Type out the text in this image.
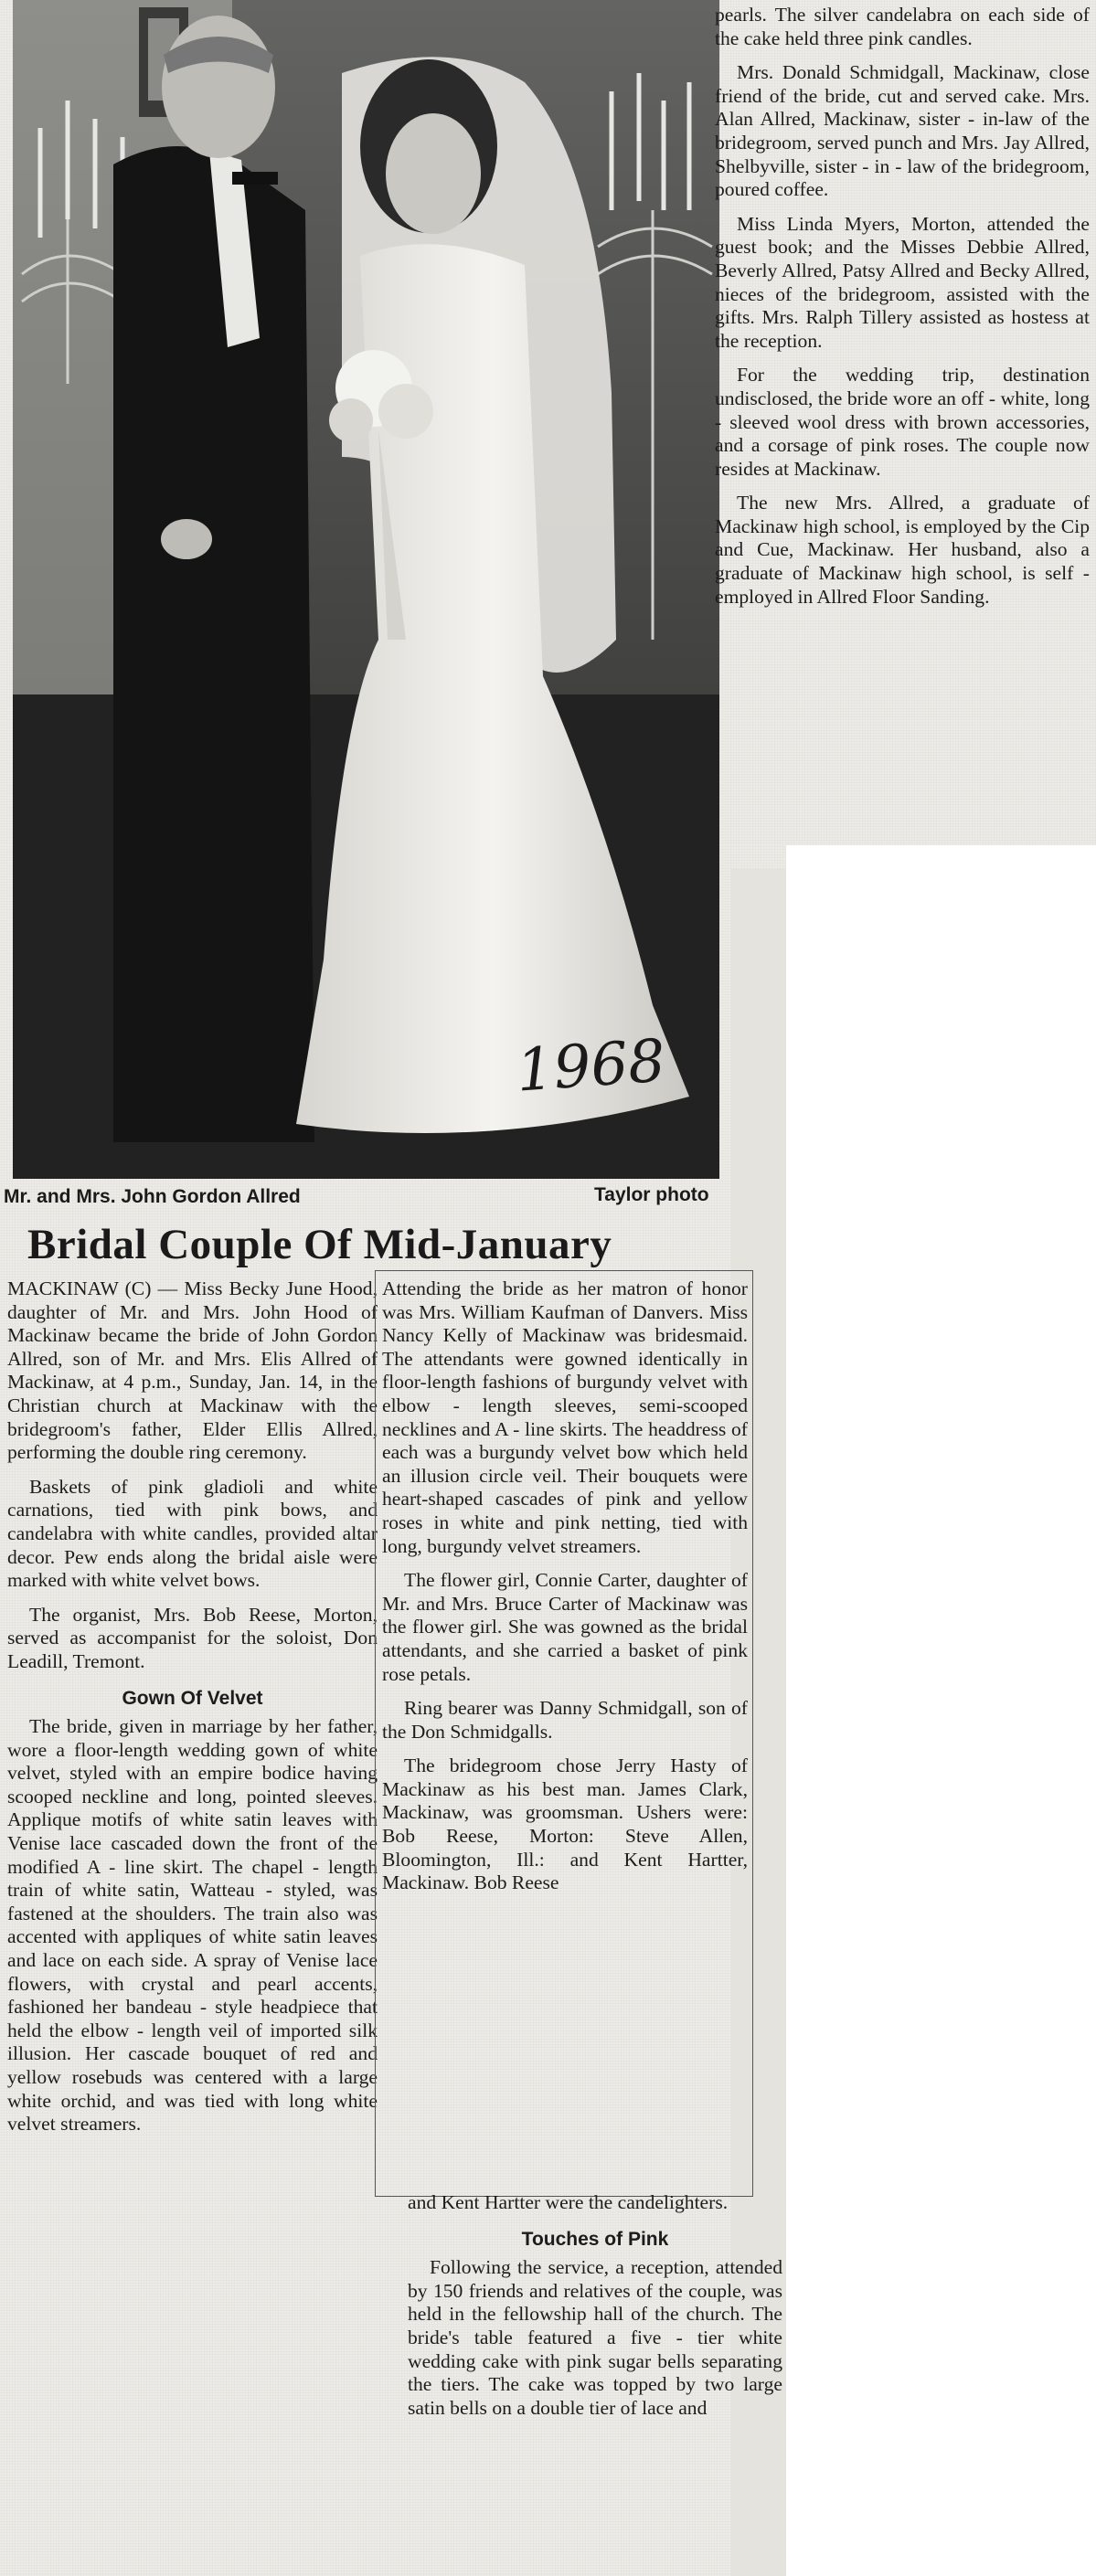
1968
Mr. and Mrs. John Gordon Allred	Taylor photo
Bridal Couple Of Mid-January

MACKINAW (C) — Miss Becky June Hood, daughter of Mr. and Mrs. John Hood of Mackinaw became the bride of John Gordon Allred, son of Mr. and Mrs. Elis Allred of Mackinaw, at 4 p.m., Sunday, Jan. 14, in the Christian church at Mackinaw with the bridegroom's father, Elder Ellis Allred, performing the double ring ceremony.

Baskets of pink gladioli and white carnations, tied with pink bows, and candelabra with white candles, provided altar decor. Pew ends along the bridal aisle were marked with white velvet bows.

The organist, Mrs. Bob Reese, Morton, served as accompanist for the soloist, Don Leadill, Tremont.

Gown Of Velvet

The bride, given in marriage by her father, wore a floor-length wedding gown of white velvet, styled with an empire bodice having scooped neckline and long, pointed sleeves. Applique motifs of white satin leaves with Venise lace cascaded down the front of the modified A - line skirt. The chapel - length train of white satin, Watteau - styled, was fastened at the shoulders. The train also was accented with appliques of white satin leaves and lace on each side. A spray of Venise lace flowers, with crystal and pearl accents, fashioned her bandeau - style headpiece that held the elbow - length veil of imported silk illusion. Her cascade bouquet of red and yellow rosebuds was centered with a large white orchid, and was tied with long white velvet streamers.

Attending the bride as her matron of honor was Mrs. William Kaufman of Danvers. Miss Nancy Kelly of Mackinaw was bridesmaid. The attendants were gowned identically in floor-length fashions of burgundy velvet with elbow - length sleeves, semi-scooped necklines and A - line skirts. The headdress of each was a burgundy velvet bow which held an illusion circle veil. Their bouquets were heart-shaped cascades of pink and yellow roses in white and pink netting, tied with long, burgundy velvet streamers.

The flower girl, Connie Carter, daughter of Mr. and Mrs. Bruce Carter of Mackinaw was the flower girl. She was gowned as the bridal attendants, and she carried a basket of pink rose petals.

Ring bearer was Danny Schmidgall, son of the Don Schmidgalls.

The bridegroom chose Jerry Hasty of Mackinaw as his best man. James Clark, Mackinaw, was groomsman. Ushers were: Bob Reese, Morton: Steve Allen, Bloomington, Ill.: and Kent Hartter, Mackinaw. Bob Reese

and Kent Hartter were the candelighters.

Touches of Pink

Following the service, a reception, attended by 150 friends and relatives of the couple, was held in the fellowship hall of the church. The bride's table featured a five - tier white wedding cake with pink sugar bells separating the tiers. The cake was topped by two large satin bells on a double tier of lace and

pearls. The silver candelabra on each side of the cake held three pink candles.

Mrs. Donald Schmidgall, Mackinaw, close friend of the bride, cut and served cake. Mrs. Alan Allred, Mackinaw, sister - in-law of the bridegroom, served punch and Mrs. Jay Allred, Shelbyville, sister - in - law of the bridegroom, poured coffee.

Miss Linda Myers, Morton, attended the guest book; and the Misses Debbie Allred, Beverly Allred, Patsy Allred and Becky Allred, nieces of the bridegroom, assisted with the gifts. Mrs. Ralph Tillery assisted as hostess at the reception.

For the wedding trip, destination undisclosed, the bride wore an off - white, long - sleeved wool dress with brown accessories, and a corsage of pink roses. The couple now resides at Mackinaw.

The new Mrs. Allred, a graduate of Mackinaw high school, is employed by the Cip and Cue, Mackinaw. Her husband, also a graduate of Mackinaw high school, is self - employed in Allred Floor Sanding.
